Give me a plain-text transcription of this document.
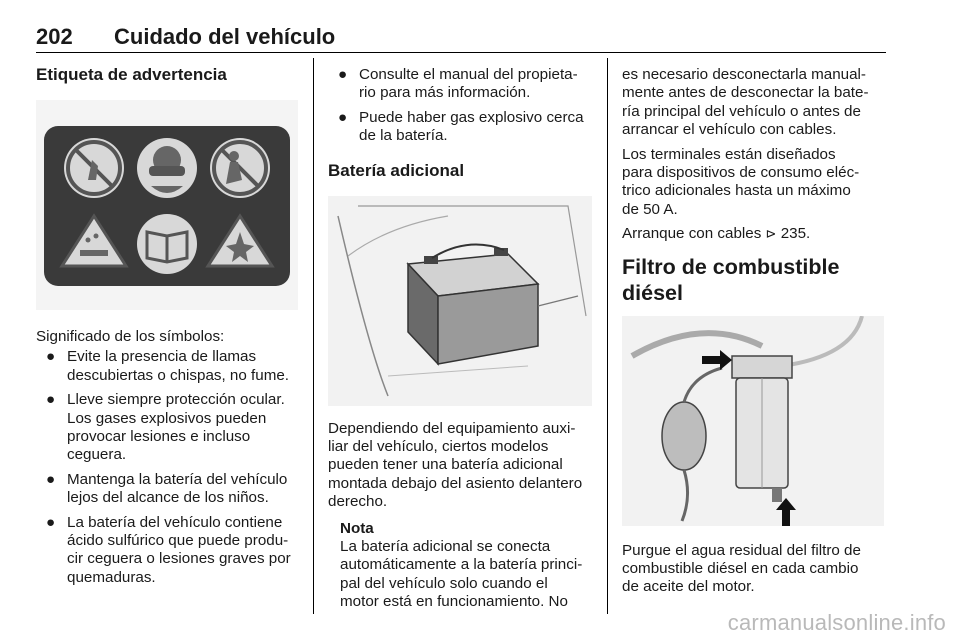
202 Cuidado del vehículo
Etiqueta de advertencia

Significado de los símbolos:

● Evite la presencia de llamas
descubiertas o chispas, no fume.
● Lleve siempre protección ocular.
Los gases explosivos pueden
provocar lesiones e incluso
ceguera.
● Mantenga la batería del vehículo
lejos del alcance de los niños.
● La batería del vehículo contiene
ácido sulfúrico que puede produ-
cir ceguera o lesiones graves por
quemaduras.
● Consulte el manual del propieta-
rio para más información.
● Puede haber gas explosivo cerca
de la batería.
Batería adicional

Dependiendo del equipamiento auxi-
liar del vehículo, ciertos modelos
pueden tener una batería adicional
montada debajo del asiento delantero
derecho.

Nota

La batería adicional se conecta
automáticamente a la batería princi-
pal del vehículo solo cuando el
motor está en funcionamiento. No

es necesario desconectarla manual-
mente antes de desconectar la bate-
ría principal del vehículo o antes de
arrancar el vehículo con cables.

Los terminales están diseñados
para dispositivos de consumo eléc-
trico adicionales hasta un máximo
de 50 A.

Arranque con cables ⊳ 235.

Filtro de combustible diésel

Purgue el agua residual del filtro de
combustible diésel en cada cambio
de aceite del motor.

carmanualsonline.info
